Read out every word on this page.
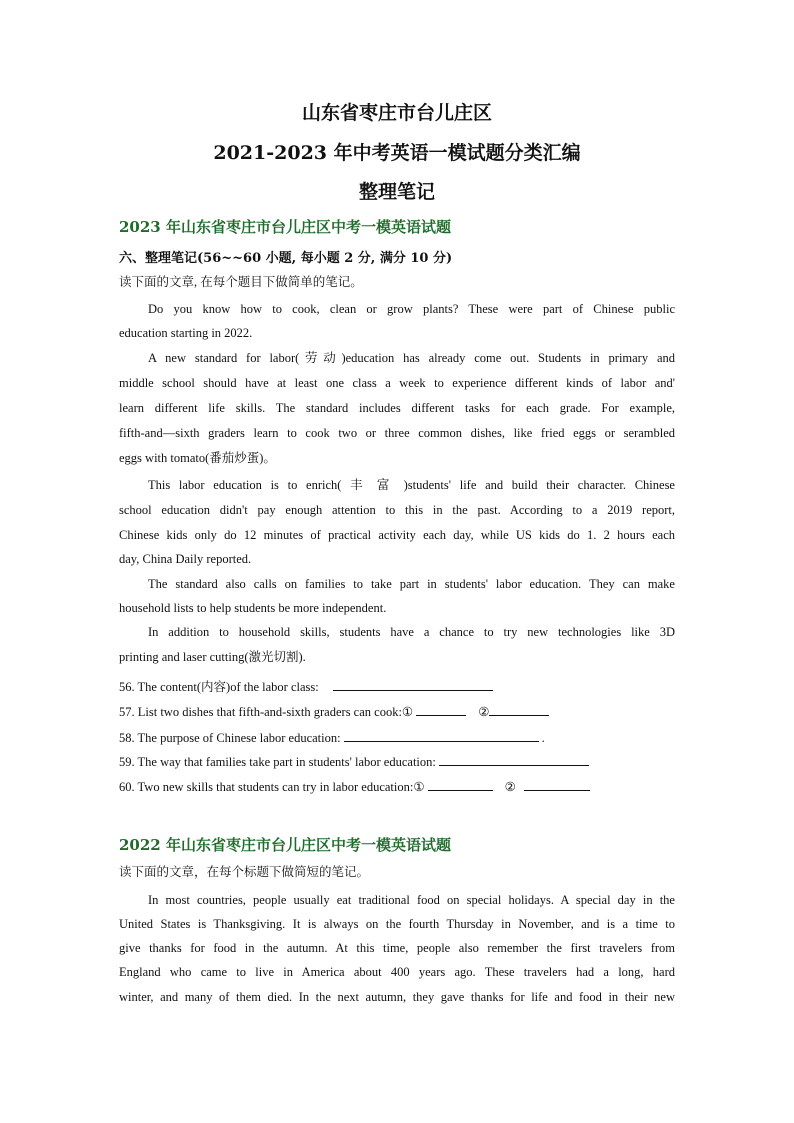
山东省枣庄市台儿庄区
2021-2023 年中考英语一模试题分类汇编
整理笔记
2023 年山东省枣庄市台儿庄区中考一模英语试题
六、整理笔记(56~~60 小题, 每小题 2 分, 满分 10 分)
读下面的文章, 在每个题目下做简单的笔记。
Do you know how to cook, clean or grow plants? These were part of Chinese public
education starting in 2022.
A new standard for labor(劳动)education has already come out. Students in primary and
middle school should have at least one class a week to experience different kinds of labor and'
learn different life skills. The standard includes different tasks for each grade. For example,
fifth-and—sixth graders learn to cook two or three common dishes, like fried eggs or serambled
eggs with tomato(番茄炒蛋)。
This labor education is to enrich( 丰 富 )students' life and build their character. Chinese
school education didn't pay enough attention to this in the past. According to a 2019 report,
Chinese kids only do 12 minutes of practical activity each day, while US kids do 1. 2 hours each
day, China Daily reported.
The standard also calls on families to take part in students' labor education. They can make
household lists to help students be more independent.
In addition to household skills, students have a chance to try new technologies like 3D
printing and laser cutting(激光切割).
56. The content(内容)of the labor class:
57. List two dishes that fifth-and-sixth graders can cook:①	②
58. The purpose of Chinese labor education:	.
59. The way that families take part in students' labor education:
60. Two new skills that students can try in labor education:①	②
2022 年山东省枣庄市台儿庄区中考一模英语试题
读下面的文章，在每个标题下做简短的笔记。
In most countries, people usually eat traditional food on special holidays. A special day in the
United States is Thanksgiving. It is always on the fourth Thursday in November, and is a time to
give thanks for food in the autumn. At this time, people also remember the first travelers from
England who came to live in America about 400 years ago. These travelers had a long, hard
winter, and many of them died. In the next autumn, they gave thanks for life and food in their new
